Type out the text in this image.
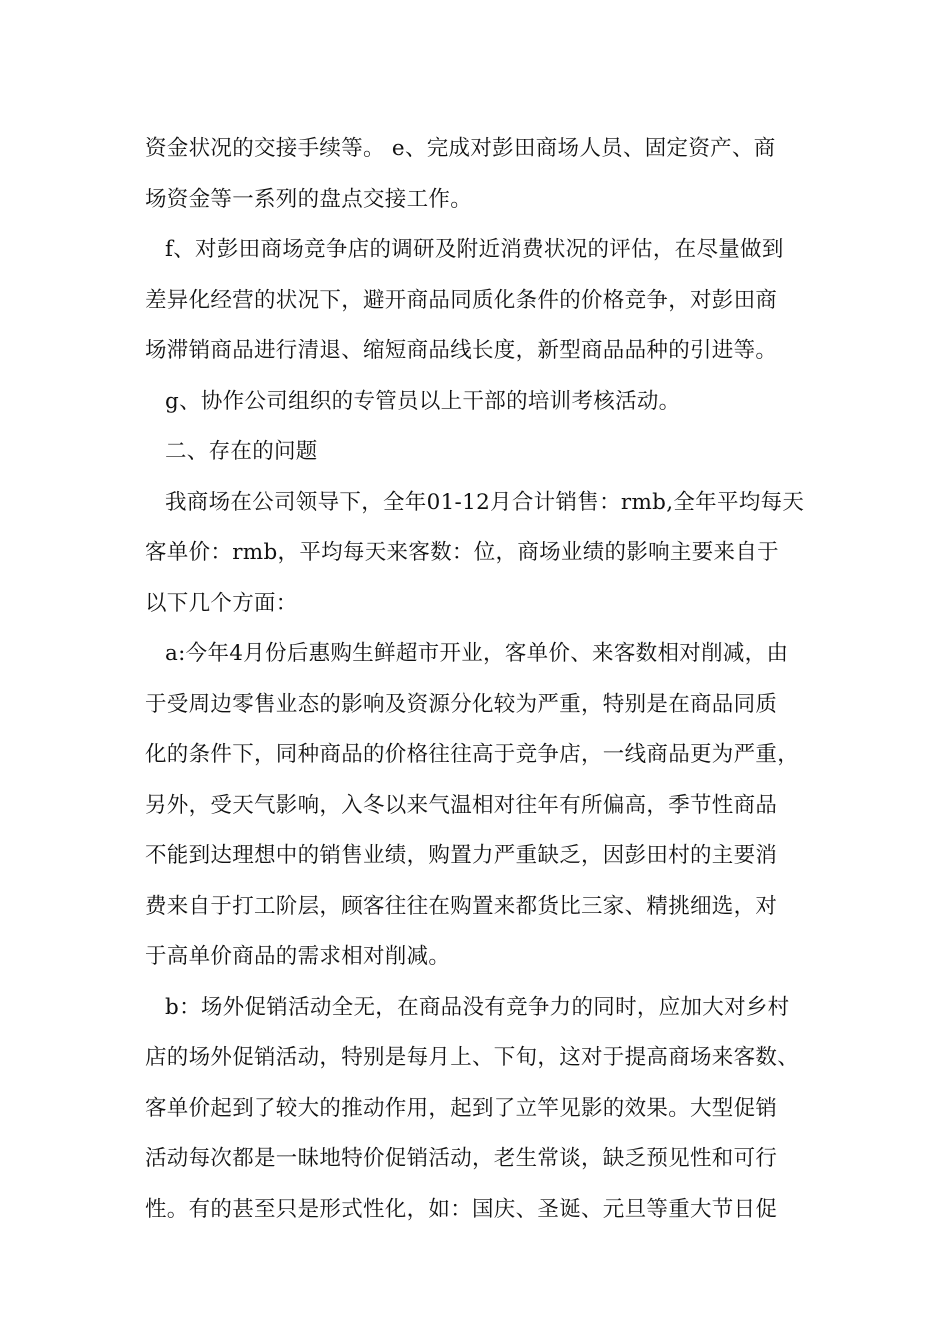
资金状况的交接手续等。 e、完成对彭田商场人员、固定资产、商
场资金等一系列的盘点交接工作。
f、对彭田商场竞争店的调研及附近消费状况的评估，在尽量做到
差异化经营的状况下，避开商品同质化条件的价格竞争，对彭田商
场滞销商品进行清退、缩短商品线长度，新型商品品种的引进等。
g、协作公司组织的专管员以上干部的培训考核活动。
二、存在的问题
我商场在公司领导下，全年01-12月合计销售：rmb,全年平均每天
客单价：rmb，平均每天来客数：位，商场业绩的影响主要来自于
以下几个方面：
a:今年4月份后惠购生鲜超市开业，客单价、来客数相对削减，由
于受周边零售业态的影响及资源分化较为严重，特别是在商品同质
化的条件下，同种商品的价格往往高于竞争店，一线商品更为严重，
另外，受天气影响，入冬以来气温相对往年有所偏高，季节性商品
不能到达理想中的销售业绩，购置力严重缺乏，因彭田村的主要消
费来自于打工阶层，顾客往往在购置来都货比三家、精挑细选，对
于高单价商品的需求相对削减。
b：场外促销活动全无，在商品没有竞争力的同时，应加大对乡村
店的场外促销活动，特别是每月上、下旬，这对于提高商场来客数、
客单价起到了较大的推动作用，起到了立竿见影的效果。大型促销
活动每次都是一昧地特价促销活动，老生常谈，缺乏预见性和可行
性。有的甚至只是形式性化，如：国庆、圣诞、元旦等重大节日促
